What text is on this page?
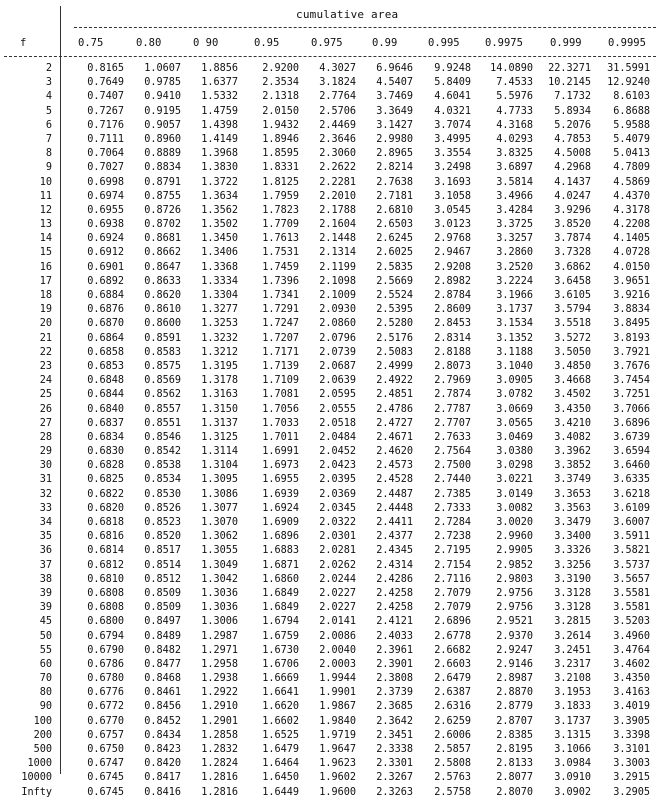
cumulative area
f	0.75	0.80	0 90	0.95	0.975	0.99	0.995 0.9975	0.999	0.9995
2	0.8165 1.0607 1.8856 2.9200 4.3027 6.9646 9.9248 14.0890 22.3271 31.5991
3	0.7649 0.9785 1.6377 2.3534 3.1824 4.5407 5.8409 7.4533 10.2145 12.9240
4	0.7407 0.9410 1.5332 2.1318 2.7764 3.7469 4.6041 5.5976 7.1732 8.6103
5	0.7267 0.9195 1.4759 2.0150 2.5706 3.3649 4.0321 4.7733 5.8934 6.8688
6	0.7176 0.9057 1.4398 1.9432 2.4469 3.1427 3.7074 4.3168 5.2076 5.9588
7	0.7111 0.8960 1.4149 1.8946 2.3646 2.9980 3.4995 4.0293 4.7853 5.4079
8	0.7064 0.8889 1.3968 1.8595 2.3060 2.8965 3.3554 3.8325 4.5008 5.0413
9	0.7027 0.8834 1.3830 1.8331 2.2622 2.8214 3.2498 3.6897 4.2968 4.7809
10	0.6998 0.8791 1.3722 1.8125 2.2281 2.7638 3.1693 3.5814 4.1437 4.5869
11	0.6974 0.8755 1.3634 1.7959 2.2010 2.7181 3.1058 3.4966 4.0247 4.4370
12	0.6955 0.8726 1.3562 1.7823 2.1788 2.6810 3.0545 3.4284 3.9296 4.3178
13	0.6938 0.8702 1.3502 1.7709 2.1604 2.6503 3.0123 3.3725 3.8520 4.2208
14	0.6924 0.8681 1.3450 1.7613 2.1448 2.6245 2.9768 3.3257 3.7874 4.1405
15	0.6912 0.8662 1.3406 1.7531 2.1314 2.6025 2.9467 3.2860 3.7328 4.0728
16	0.6901 0.8647 1.3368 1.7459 2.1199 2.5835 2.9208 3.2520 3.6862 4.0150
17	0.6892 0.8633 1.3334 1.7396 2.1098 2.5669 2.8982 3.2224 3.6458 3.9651
18	0.6884 0.8620 1.3304 1.7341 2.1009 2.5524 2.8784 3.1966 3.6105 3.9216
19	0.6876 0.8610 1.3277 1.7291 2.0930 2.5395 2.8609 3.1737 3.5794 3.8834
20	0.6870 0.8600 1.3253 1.7247 2.0860 2.5280 2.8453 3.1534 3.5518 3.8495
21	0.6864 0.8591 1.3232 1.7207 2.0796 2.5176 2.8314 3.1352 3.5272 3.8193
22	0.6858 0.8583 1.3212 1.7171 2.0739 2.5083 2.8188 3.1188 3.5050 3.7921
23	0.6853 0.8575 1.3195 1.7139 2.0687 2.4999 2.8073 3.1040 3.4850 3.7676
24	0.6848 0.8569 1.3178 1.7109 2.0639 2.4922 2.7969 3.0905 3.4668 3.7454
25	0.6844 0.8562 1.3163 1.7081 2.0595 2.4851 2.7874 3.0782 3.4502 3.7251
26	0.6840 0.8557 1.3150 1.7056 2.0555 2.4786 2.7787 3.0669 3.4350 3.7066
27	0.6837 0.8551 1.3137 1.7033 2.0518 2.4727 2.7707 3.0565 3.4210 3.6896
28	0.6834 0.8546 1.3125 1.7011 2.0484 2.4671 2.7633 3.0469 3.4082 3.6739
29	0.6830 0.8542 1.3114 1.6991 2.0452 2.4620 2.7564 3.0380 3.3962 3.6594
30	0.6828 0.8538 1.3104 1.6973 2.0423 2.4573 2.7500 3.0298 3.3852 3.6460
31	0.6825 0.8534 1.3095 1.6955 2.0395 2.4528 2.7440 3.0221 3.3749 3.6335
32	0.6822 0.8530 1.3086 1.6939 2.0369 2.4487 2.7385 3.0149 3.3653 3.6218
33	0.6820 0.8526 1.3077 1.6924 2.0345 2.4448 2.7333 3.0082 3.3563 3.6109
34	0.6818 0.8523 1.3070 1.6909 2.0322 2.4411 2.7284 3.0020 3.3479 3.6007
35	0.6816 0.8520 1.3062 1.6896 2.0301 2.4377 2.7238 2.9960 3.3400 3.5911
36	0.6814 0.8517 1.3055 1.6883 2.0281 2.4345 2.7195 2.9905 3.3326 3.5821
37	0.6812 0.8514 1.3049 1.6871 2.0262 2.4314 2.7154 2.9852 3.3256 3.5737
38	0.6810 0.8512 1.3042 1.6860 2.0244 2.4286 2.7116 2.9803 3.3190 3.5657
39	0.6808 0.8509 1.3036 1.6849 2.0227 2.4258 2.7079 2.9756 3.3128 3.5581
39	0.6808 0.8509 1.3036 1.6849 2.0227 2.4258 2.7079 2.9756 3.3128 3.5581
45	0.6800 0.8497 1.3006 1.6794 2.0141 2.4121 2.6896 2.9521 3.2815 3.5203
50	0.6794 0.8489 1.2987 1.6759 2.0086 2.4033 2.6778 2.9370 3.2614 3.4960
55	0.6790 0.8482 1.2971 1.6730 2.0040 2.3961 2.6682 2.9247 3.2451 3.4764
60	0.6786 0.8477 1.2958 1.6706 2.0003 2.3901 2.6603 2.9146 3.2317 3.4602
70	0.6780 0.8468 1.2938 1.6669 1.9944 2.3808 2.6479 2.8987 3.2108 3.4350
80	0.6776 0.8461 1.2922 1.6641 1.9901 2.3739 2.6387 2.8870 3.1953 3.4163
90	0.6772 0.8456 1.2910 1.6620 1.9867 2.3685 2.6316 2.8779 3.1833 3.4019
100	0.6770 0.8452 1.2901 1.6602 1.9840 2.3642 2.6259 2.8707 3.1737 3.3905
200	0.6757 0.8434 1.2858 1.6525 1.9719 2.3451 2.6006 2.8385 3.1315 3.3398
500	0.6750 0.8423 1.2832 1.6479 1.9647 2.3338 2.5857 2.8195 3.1066 3.3101
1000	0.6747 0.8420 1.2824 1.6464 1.9623 2.3301 2.5808 2.8133 3.0984 3.3003
10000	0.6745 0.8417 1.2816 1.6450 1.9602 2.3267 2.5763 2.8077 3.0910 3.2915
Infty	0.6745 0.8416 1.2816 1.6449 1.9600 2.3263 2.5758 2.8070 3.0902 3.2905
